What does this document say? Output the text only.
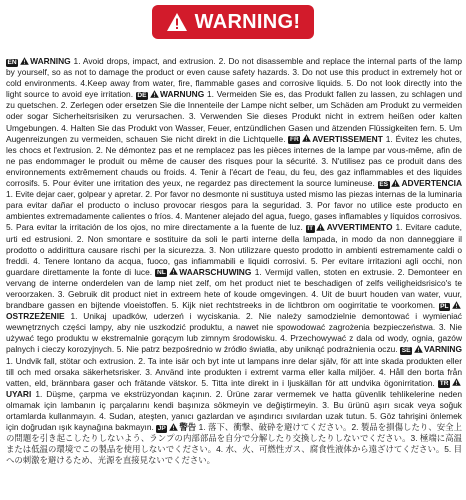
WARNING!
EN WARNING 1. Avoid drops, impact, and extrusion. 2. Do not disassemble and replace the internal parts of the lamp by yourself, so as not to damage the product or even cause safety hazards. 3. Do not use this product in extremely hot or cold environments. 4.Keep away from water, fire, flammable gases and corrosive liquids. 5. Do not look directly into the light source to avoid eye irritation. DE WARNUNG 1. Vermeiden Sie es, das Produkt fallen zu lassen, zu schlagen und zu quetschen. 2. Zerlegen oder ersetzen Sie die Innenteile der Lampe nicht selber, um Schäden am Produkt zu vermeiden oder sogar Sicherheitsrisiken zu verursachen. 3. Verwenden Sie dieses Produkt nicht in extrem heißen oder kalten Umgebungen. 4. Halten Sie das Produkt von Wasser, Feuer, entzündlichen Gasen und ätzenden Flüssigkeiten fern. 5. Um Augenreizungen zu vermeiden, schauen Sie nicht direkt in die Lichtquelle. FR AVERTISSEMENT 1. Évitez les chutes, les chocs et l'extrusion. 2. Ne démontez pas et ne remplacez pas les pièces internes de la lampe par vous-même, afin de ne pas endommager le produit ou même de causer des risques pour la sécurité. 3. N'utilisez pas ce produit dans des environnements extrêmement chauds ou froids. 4. Tenir à l'écart de l'eau, du feu, des gaz inflammables et des liquides corrosifs. 5. Pour éviter une irritation des yeux, ne regardez pas directement la source lumineuse. ES ADVERTENCIA 1. Evite dejar caer, golpear y apretar. 2. Por favor no desmonte ni sustituya usted mismo las piezas internas de la luminaria para evitar dañar el producto o incluso provocar riesgos para la seguridad. 3. Por favor no utilice este producto en ambientes extremadamente calientes o fríos. 4. Mantener alejado del agua, fuego, gases inflamables y líquidos corrosivos. 5. Para evitar la irritación de los ojos, no mire directamente a la fuente de luz. IT AVVERTIMENTO 1. Evitare cadute, urti ed estrusioni. 2. Non smontare e sostituire da soli le parti interne della lampada, in modo da non danneggiare il prodotto o addirittura causare rischi per la sicurezza. 3. Non utilizzare questo prodotto in ambienti estremamente caldi o freddi. 4. Tenere lontano da acqua, fuoco, gas infiammabili e liquidi corrosivi. 5. Per evitare irritazioni agli occhi, non guardare direttamente la fonte di luce. NL WAARSCHUWING 1. Vermijd vallen, stoten en extrusie. 2. Demonteer en vervang de interne onderdelen van de lamp niet zelf, om het product niet te beschadigen of zelfs veiligheidsrisico's te veroorzaken. 3. Gebruik dit product niet in extreem hete of koude omgevingen. 4. Uit de buurt houden van water, vuur, brandbare gassen en bijtende vloeistoffen. 5. Kijk niet rechtstreeks in de lichtbron om oogirritatie te voorkomen. PLOSTRZEŻENIE 1. Unikaj upadków, uderzeń i wyciskania. 2. Nie należy samodzielnie demontować i wymieniać wewnętrznych części lampy, aby nie uszkodzić produktu, a nawet nie spowodować zagrożenia bezpieczeństwa. 3. Nie używać tego produktu w ekstremalnie gorącym lub zimnym środowisku. 4. Przechowywać z dala od wody, ognia, gazów palnych i cieczy korozyjnych. 5. Nie patrz bezpośrednio w źródło światła, aby uniknąć podrażnienia oczu. SE VARNING 1. Undvik fall, stötar och extrusion. 2. Ta inte isär och byt inte ut lampans inre delar själv, för att inte skada produkten eller till och med orsaka säkerhetsrisker. 3. Använd inte produkten i extremt varma eller kalla miljöer. 4. Håll den borta från vatten, eld, brännbara gaser och frätande vätskor. 5. Titta inte direkt in i ljuskällan för att undvika ögonirritation. TRUYARI 1. Düşme, çarpma ve ekstrüzyondan kaçının. 2. Ürüne zarar vermemek ve hatta güvenlik tehlikelerine neden olmamak için lambanın iç parçalarını kendi başınıza sökmeyin ve değiştirmeyin. 3. Bu ürünü aşırı sıcak veya soğuk ortamlarda kullanmayın. 4. Sudan, ateşten, yanıcı gazlardan ve aşındırıcı sıvılardan uzak tutun. 5. Göz tahrişini önlemek için doğrudan ışık kaynağına bakmayın. JP 警告 1. 落下、衝撃、破砕を避けてください。2. 製品を損傷したり、安全上の問題を引き起こしたりしないよう、ランプの内部部品を自分で分解したり交換したりしないでください。3. 極端に高温または低温の環境でこの製品を使用しないでください。4. 水、火、可燃性ガス、腐食性液体から遠ざけてください。5. 目への刺激を避けるため、光源を直接見ないでください。
